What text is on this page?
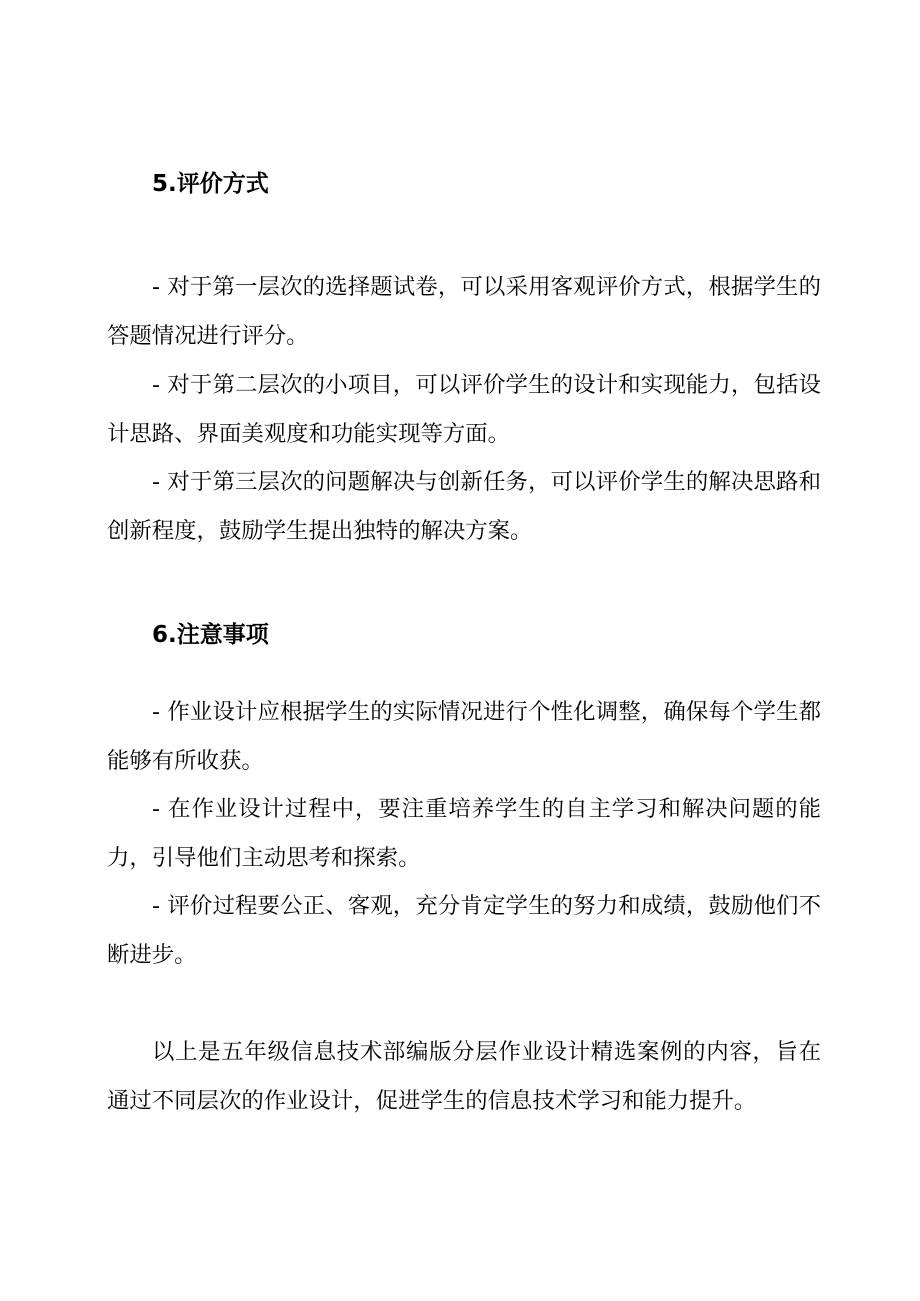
5.评价方式

- 对于第一层次的选择题试卷，可以采用客观评价方式，根据学生的答题情况进行评分。

- 对于第二层次的小项目，可以评价学生的设计和实现能力，包括设计思路、界面美观度和功能实现等方面。

- 对于第三层次的问题解决与创新任务，可以评价学生的解决思路和创新程度，鼓励学生提出独特的解决方案。

6.注意事项

- 作业设计应根据学生的实际情况进行个性化调整，确保每个学生都能够有所收获。

- 在作业设计过程中，要注重培养学生的自主学习和解决问题的能力，引导他们主动思考和探索。

- 评价过程要公正、客观，充分肯定学生的努力和成绩，鼓励他们不断进步。

以上是五年级信息技术部编版分层作业设计精选案例的内容，旨在通过不同层次的作业设计，促进学生的信息技术学习和能力提升。
